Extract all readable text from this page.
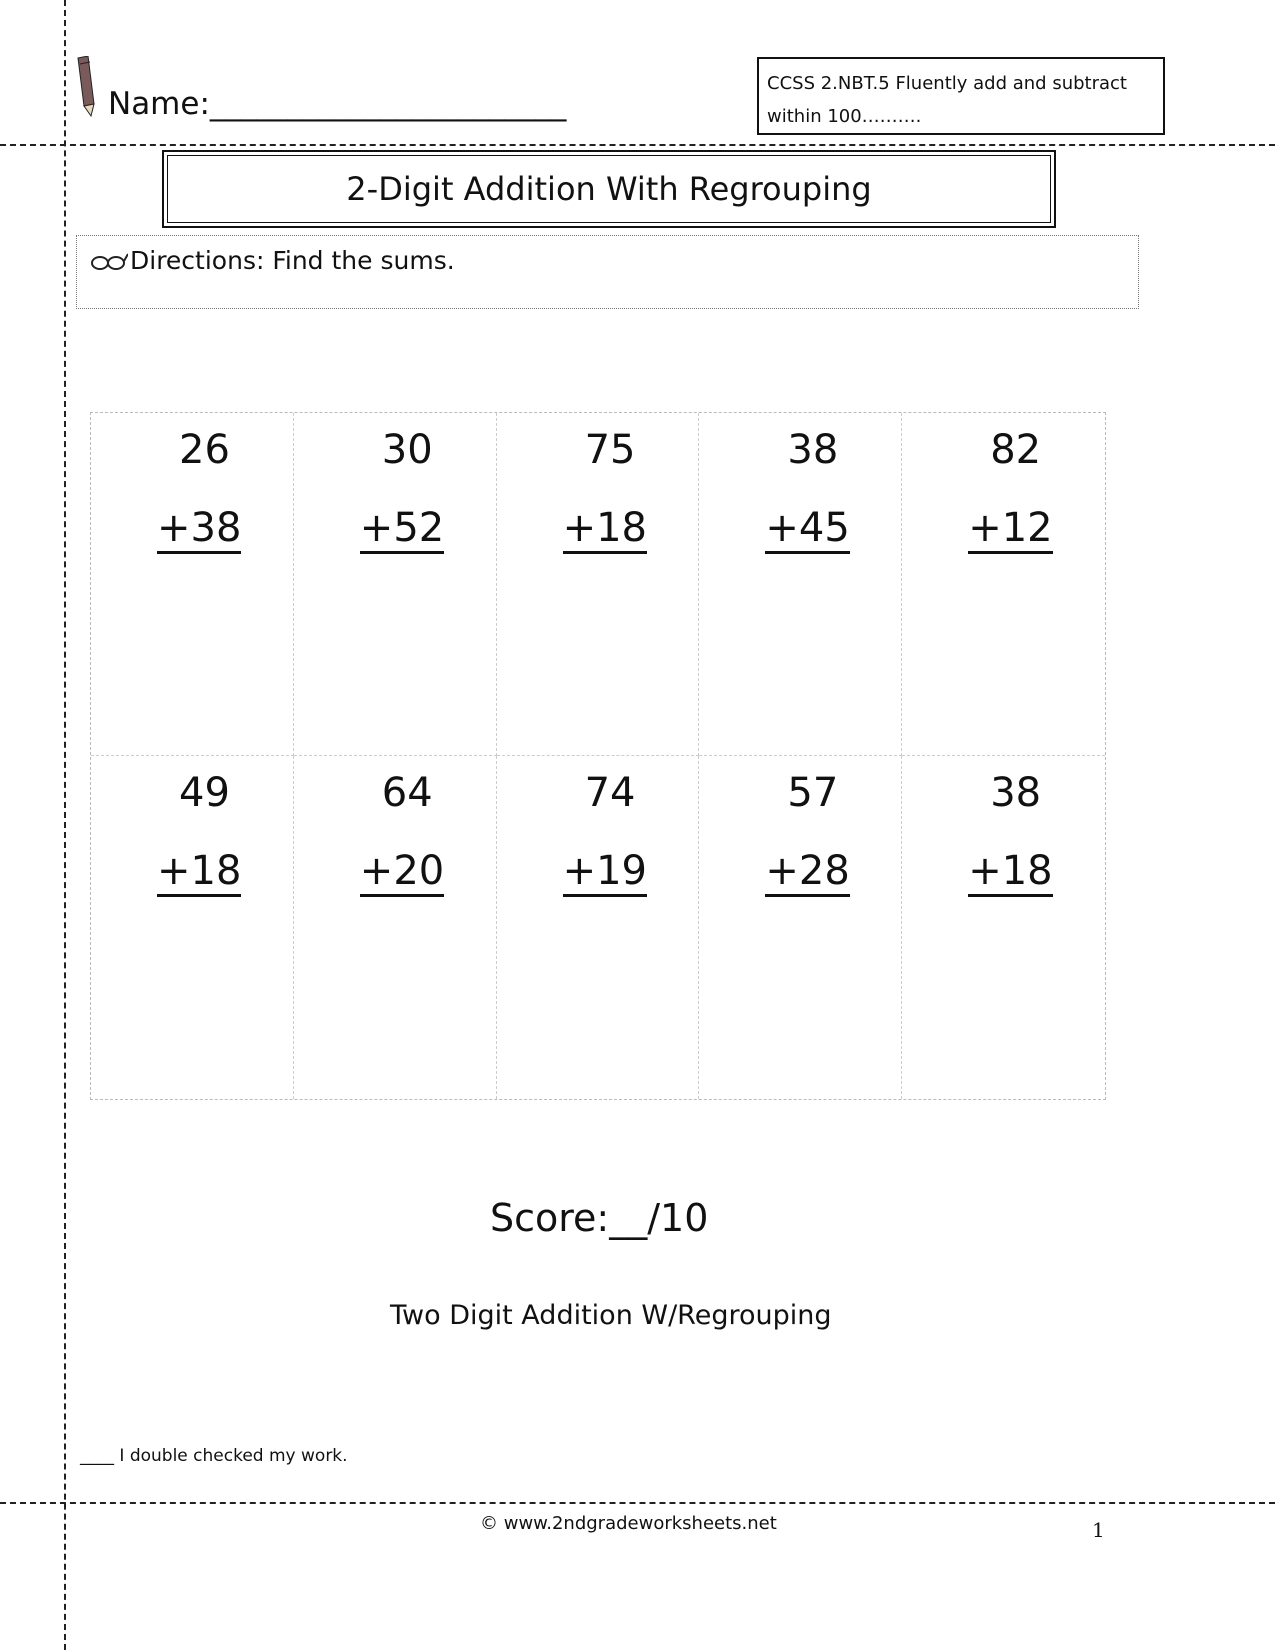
Name:_______________________
CCSS 2.NBT.5 Fluently add and subtract
within 100……….
2-Digit Addition With Regrouping
Directions: Find the sums.
26
+38
30
+52
75
+18
38
+45
82
+12
49
+18
64
+20
74
+19
57
+28
38
+18
Score:__/10
Two Digit Addition W/Regrouping
____ I double checked my work.
© www.2ndgradeworksheets.net	1
